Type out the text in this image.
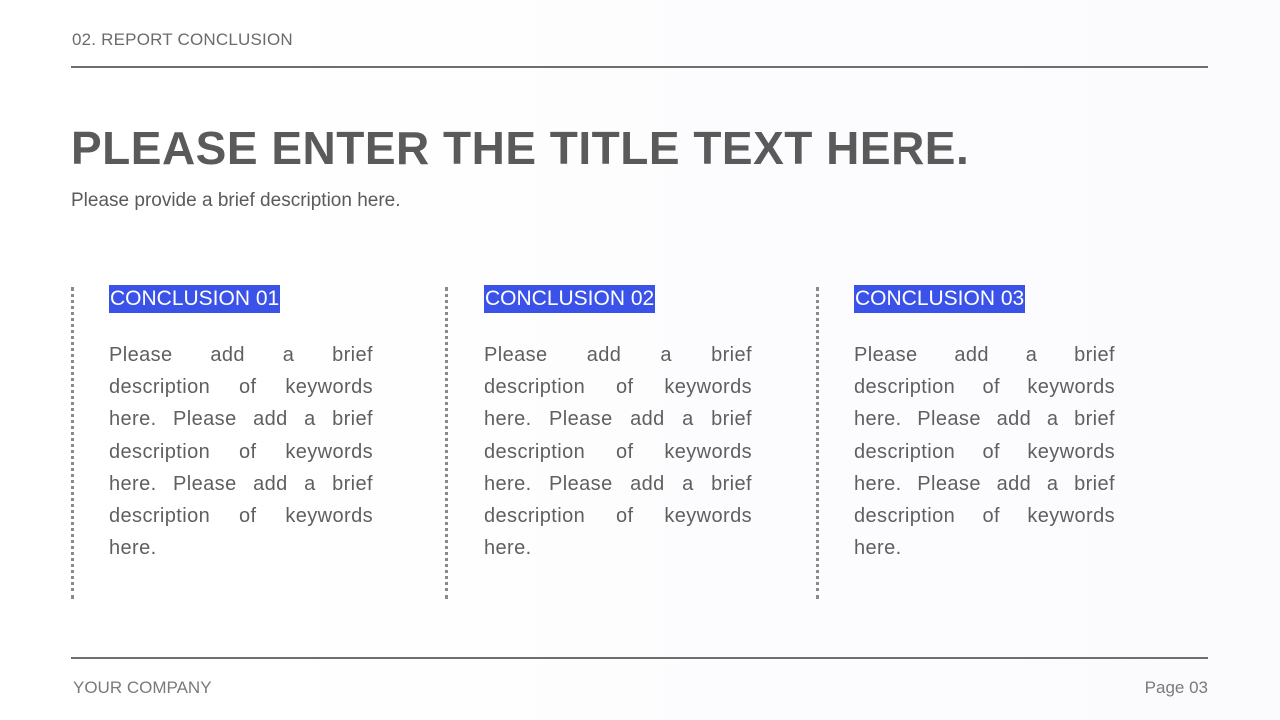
02. REPORT CONCLUSION
PLEASE ENTER THE TITLE TEXT HERE.
Please provide a brief description here.
CONCLUSION 01
Please add a brief description of keywords here. Please add a brief description of keywords here. Please add a brief description of keywords here.
CONCLUSION 02
Please add a brief description of keywords here. Please add a brief description of keywords here. Please add a brief description of keywords here.
CONCLUSION 03
Please add a brief description of keywords here. Please add a brief description of keywords here. Please add a brief description of keywords here.
YOUR COMPANY	Page 03
